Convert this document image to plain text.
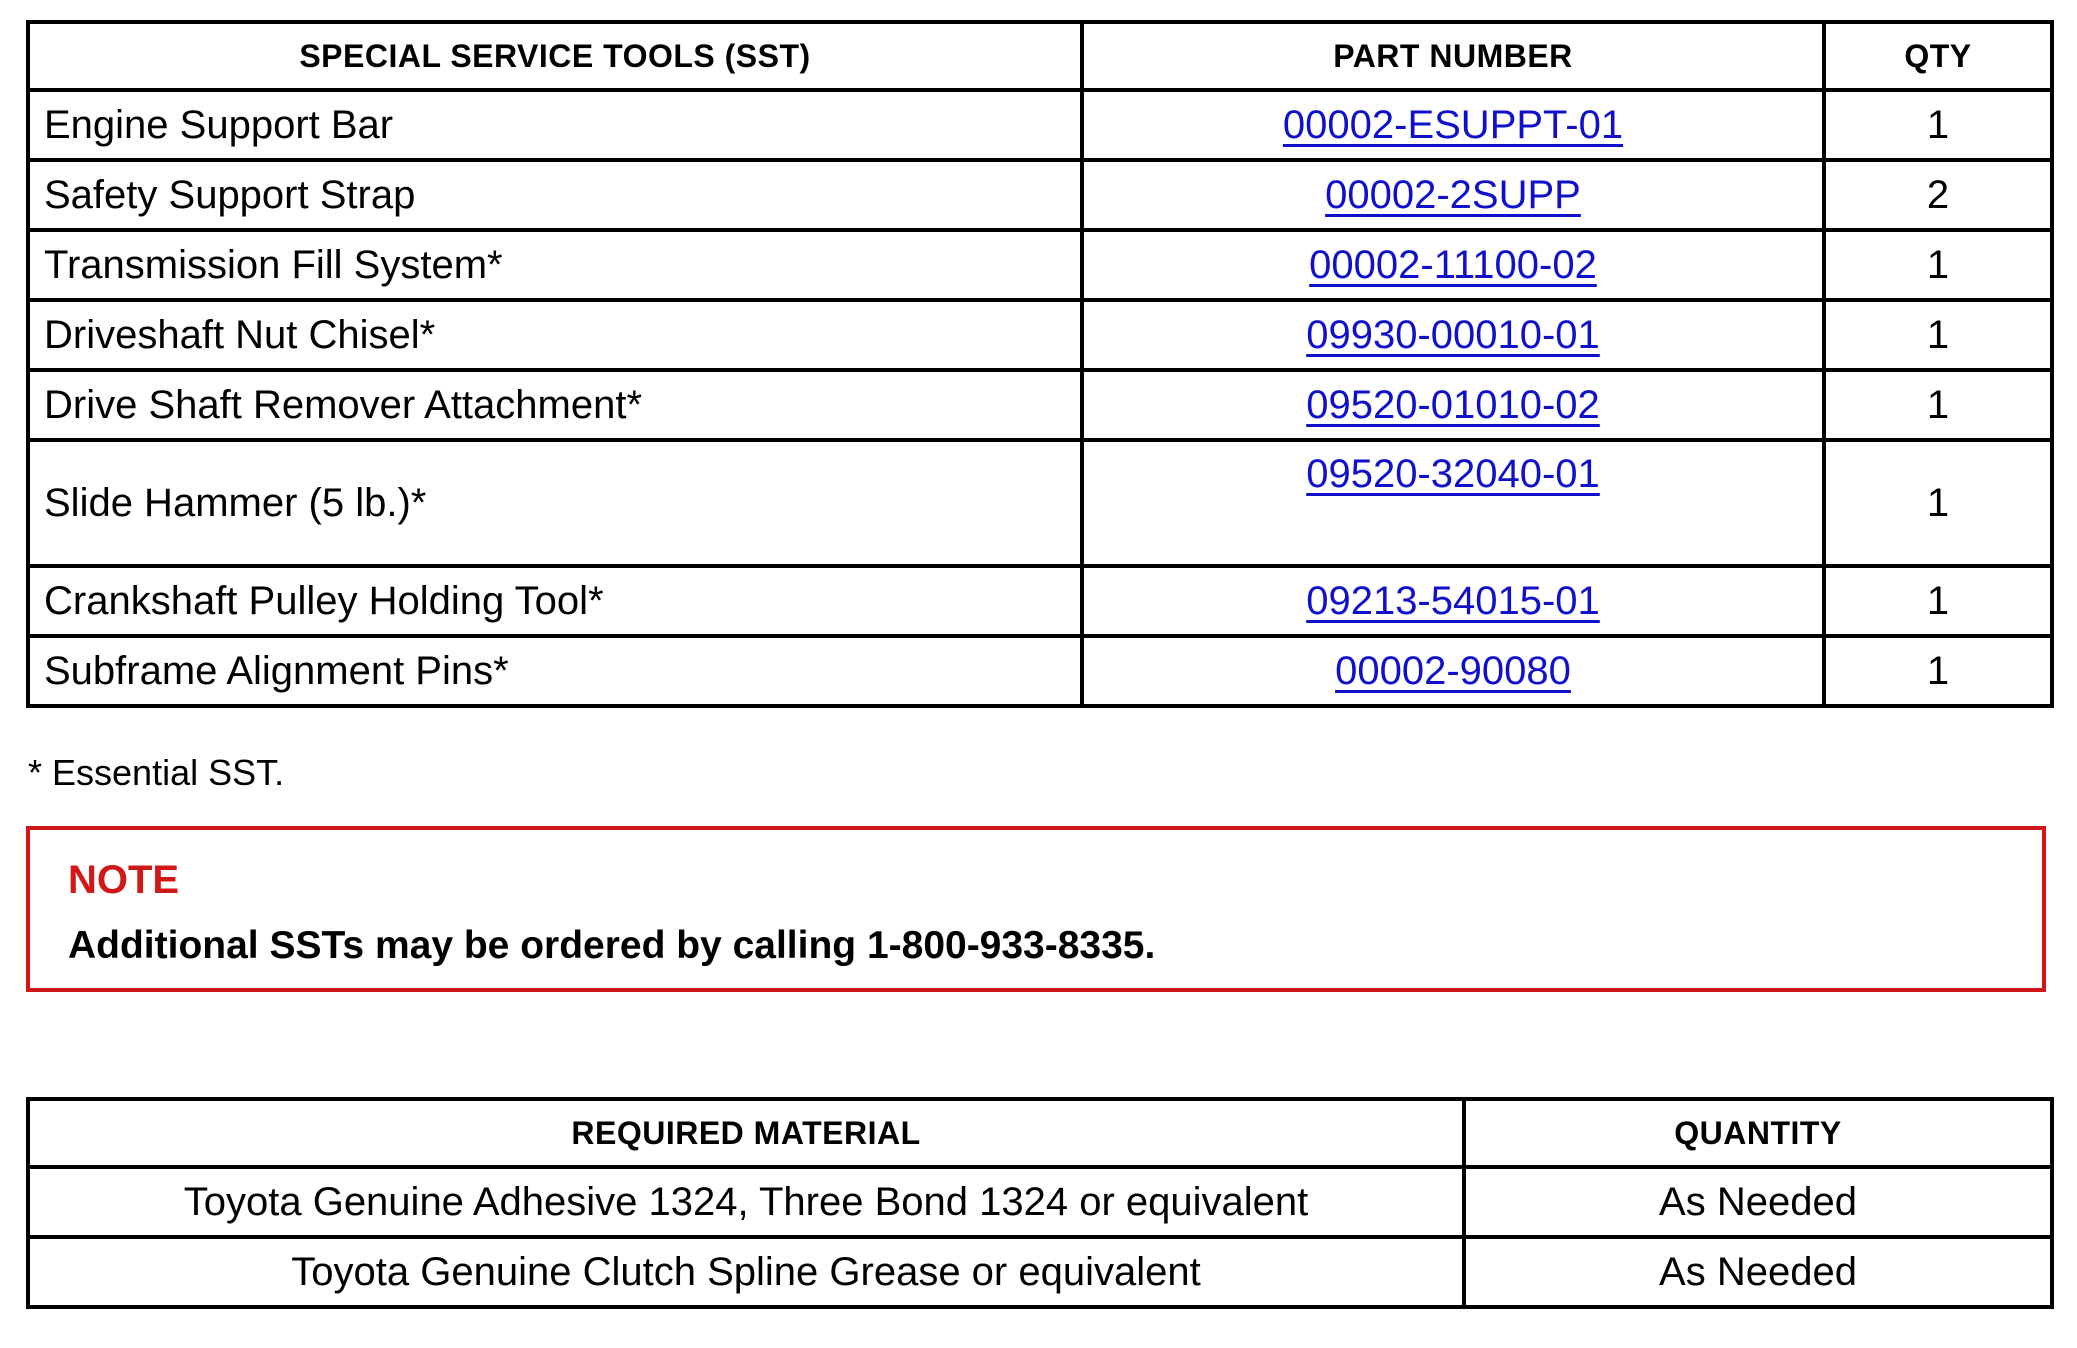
SPECIAL SERVICE TOOLS (SST)	PART NUMBER	QTY
Engine Support Bar	00002-ESUPPT-01	1
Safety Support Strap	00002-2SUPP	2
Transmission Fill System*	00002-11100-02	1
Driveshaft Nut Chisel*	09930-00010-01	1
Drive Shaft Remover Attachment*	09520-01010-02	1
Slide Hammer (5 lb.)*	09520-32040-01	1
Crankshaft Pulley Holding Tool*	09213-54015-01	1
Subframe Alignment Pins*	00002-90080	1
* Essential SST.
NOTE
Additional SSTs may be ordered by calling 1-800-933-8335.
REQUIRED MATERIAL	QUANTITY
Toyota Genuine Adhesive 1324, Three Bond 1324 or equivalent	As Needed
Toyota Genuine Clutch Spline Grease or equivalent	As Needed
